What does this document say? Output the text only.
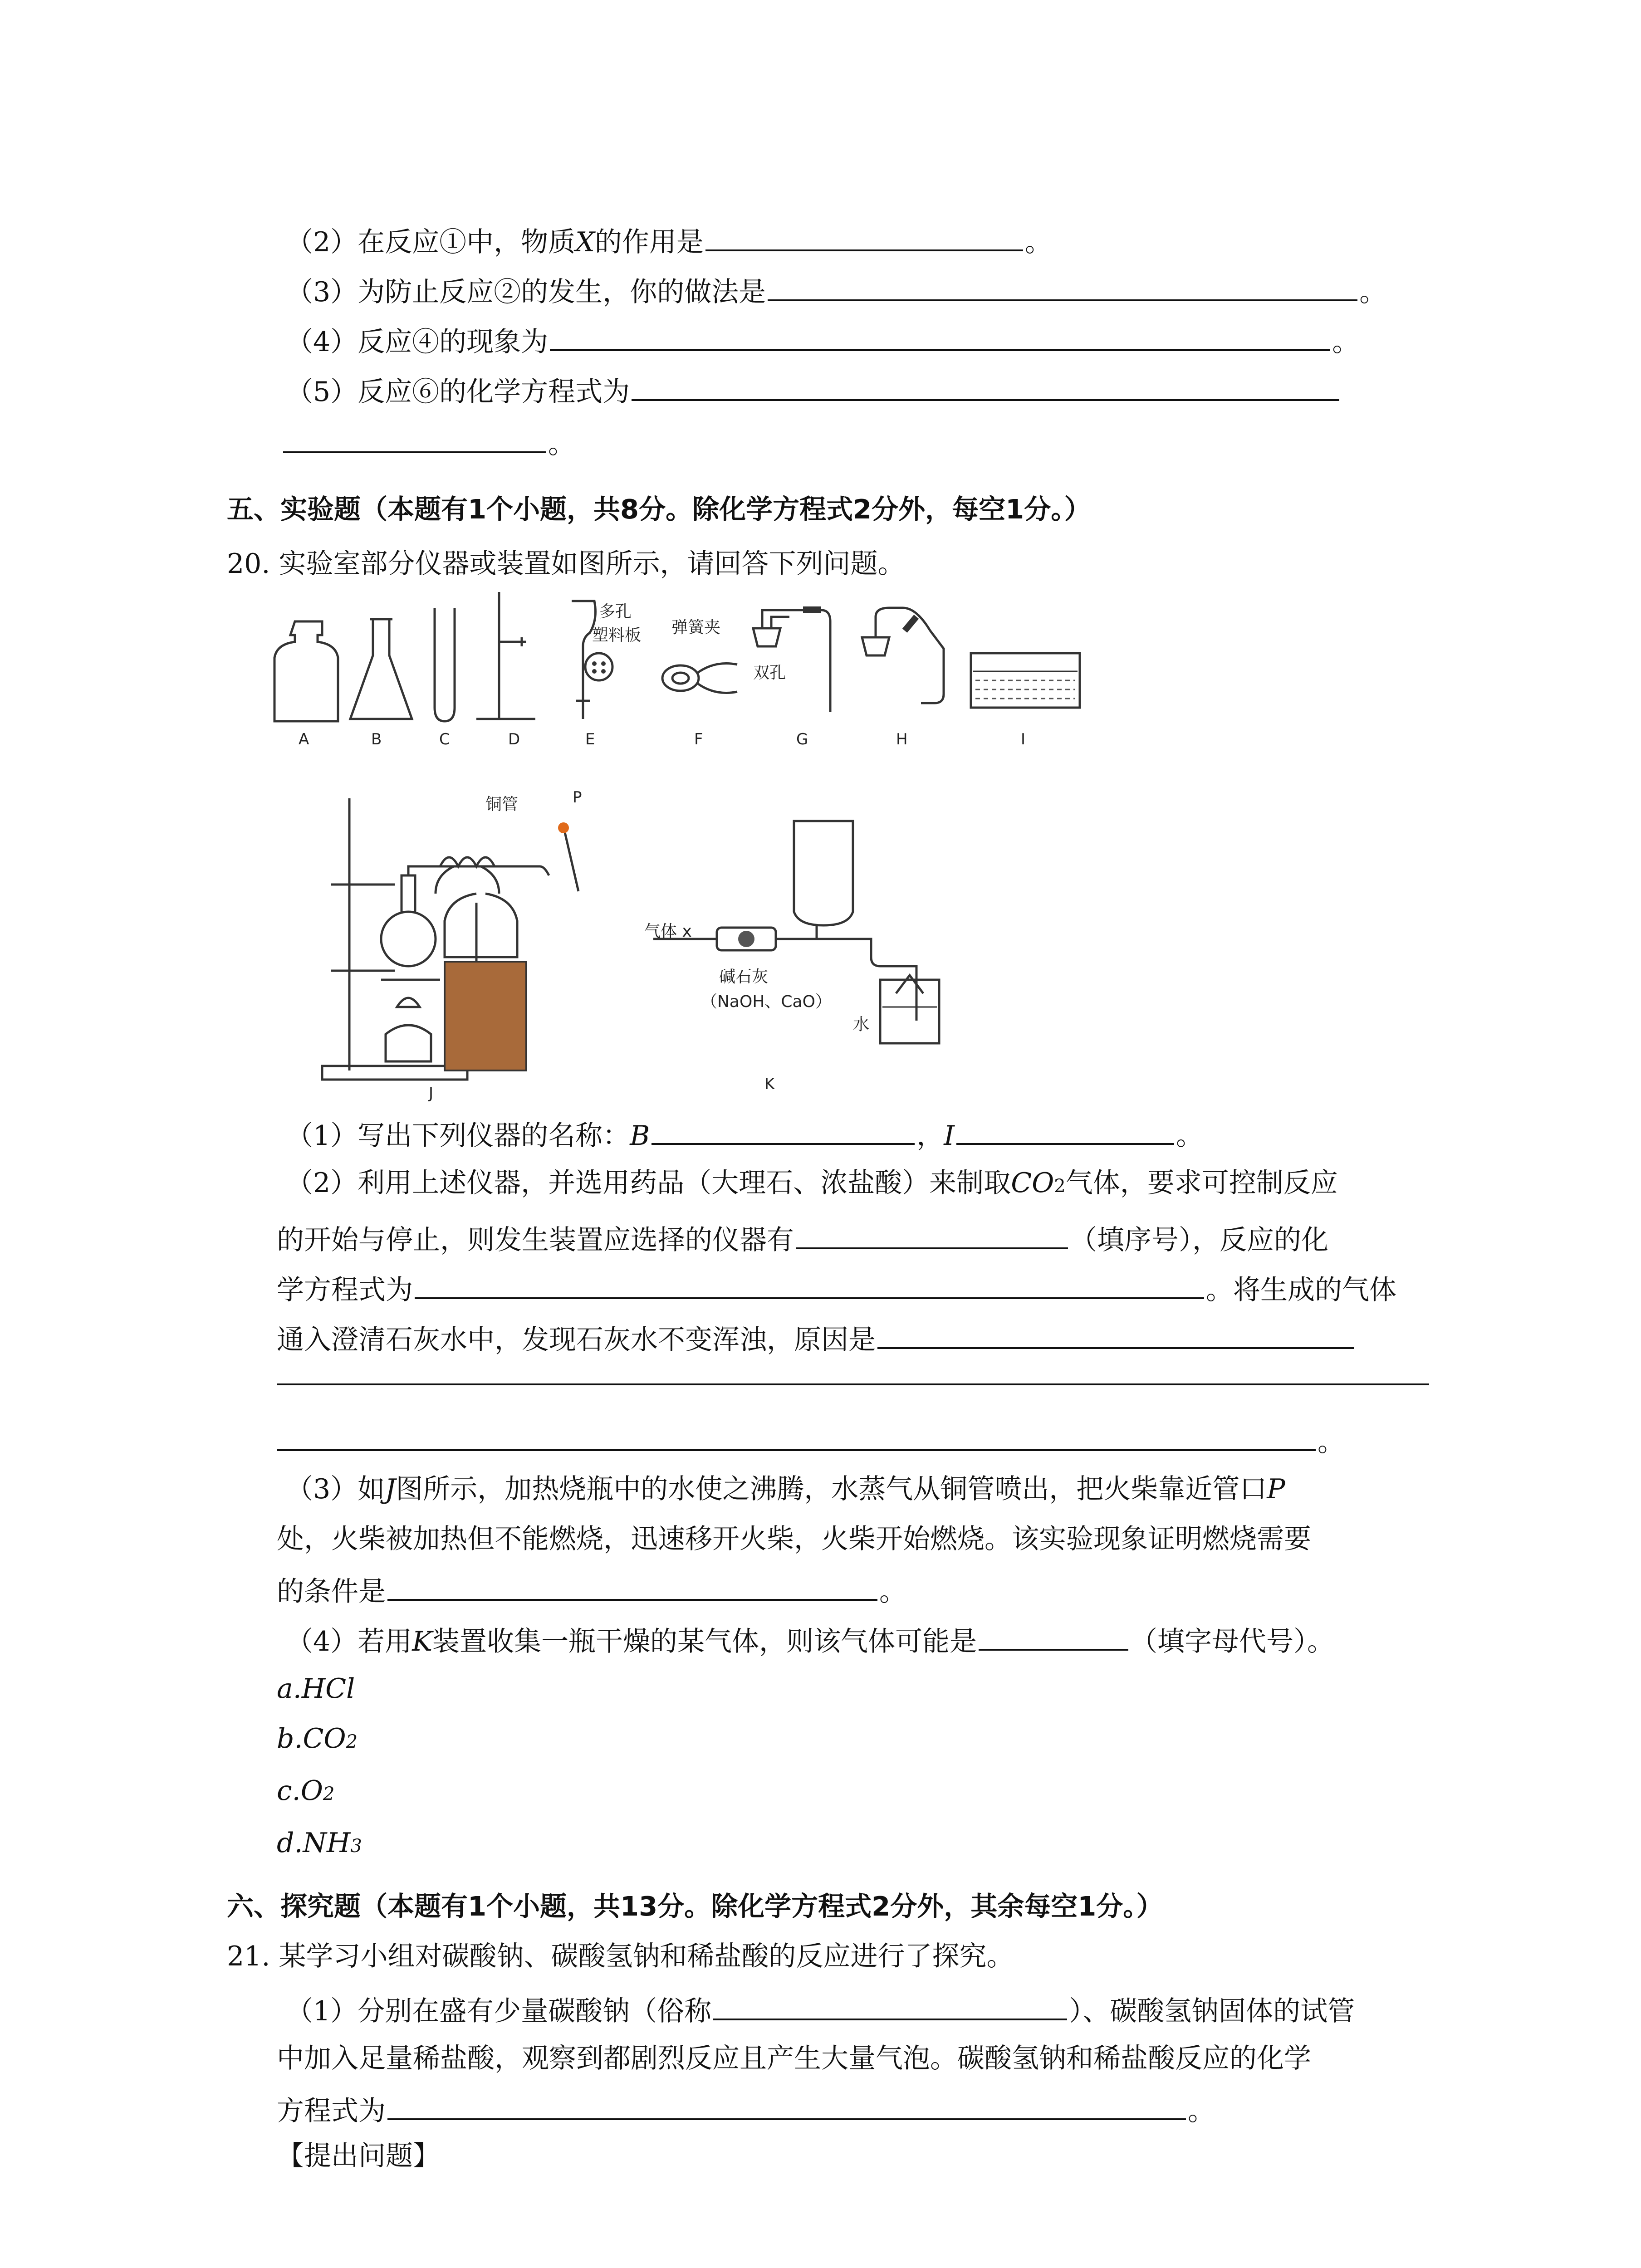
（2）在反应①中，物质 X 的作用是	。
（3）为防止反应②的发生，你的做法是	。
（4）反应④的现象为	。
（5）反应⑥的化学方程式为
。
五、实验题（本题有1个小题，共8分。除化学方程式2分外，每空1分。）
20. 实验室部分仪器或装置如图所示，请回答下列问题。
多孔
塑料板 弹簧夹
双孔
A	B	C	D	E	F	G	H	I
铜管	P
J
气体 x
碱石灰
（NaOH、CaO）
水
K
（1）写出下列仪器的名称： B	， I	。
（2）利用上述仪器，并选用药品（大理石、浓盐酸）来制取 CO 2 气体，要求可控制反应
的开始与停止，则发生装置应选择的仪器有	（填序号），反应的化
学方程式为	。将生成的气体
通入澄清石灰水中，发现石灰水不变浑浊，原因是
。
（3）如 J 图所示，加热烧瓶中的水使之沸腾，水蒸气从铜管喷出，把火柴靠近管口 P
处，火柴被加热但不能燃烧，迅速移开火柴，火柴开始燃烧。该实验现象证明燃烧需要
的条件是	。
（4）若用 K 装置收集一瓶干燥的某气体，则该气体可能是	（填字母代号）。
a. HCl
b. CO 2
c. O 2
d. NH 3
六、探究题（本题有1个小题，共13分。除化学方程式2分外，其余每空1分。）
21. 某学习小组对碳酸钠、碳酸氢钠和稀盐酸的反应进行了探究。
（1）分别在盛有少量碳酸钠（俗称	）、碳酸氢钠固体的试管
中加入足量稀盐酸，观察到都剧烈反应且产生大量气泡。碳酸氢钠和稀盐酸反应的化学
方程式为	。
【提出问题】
